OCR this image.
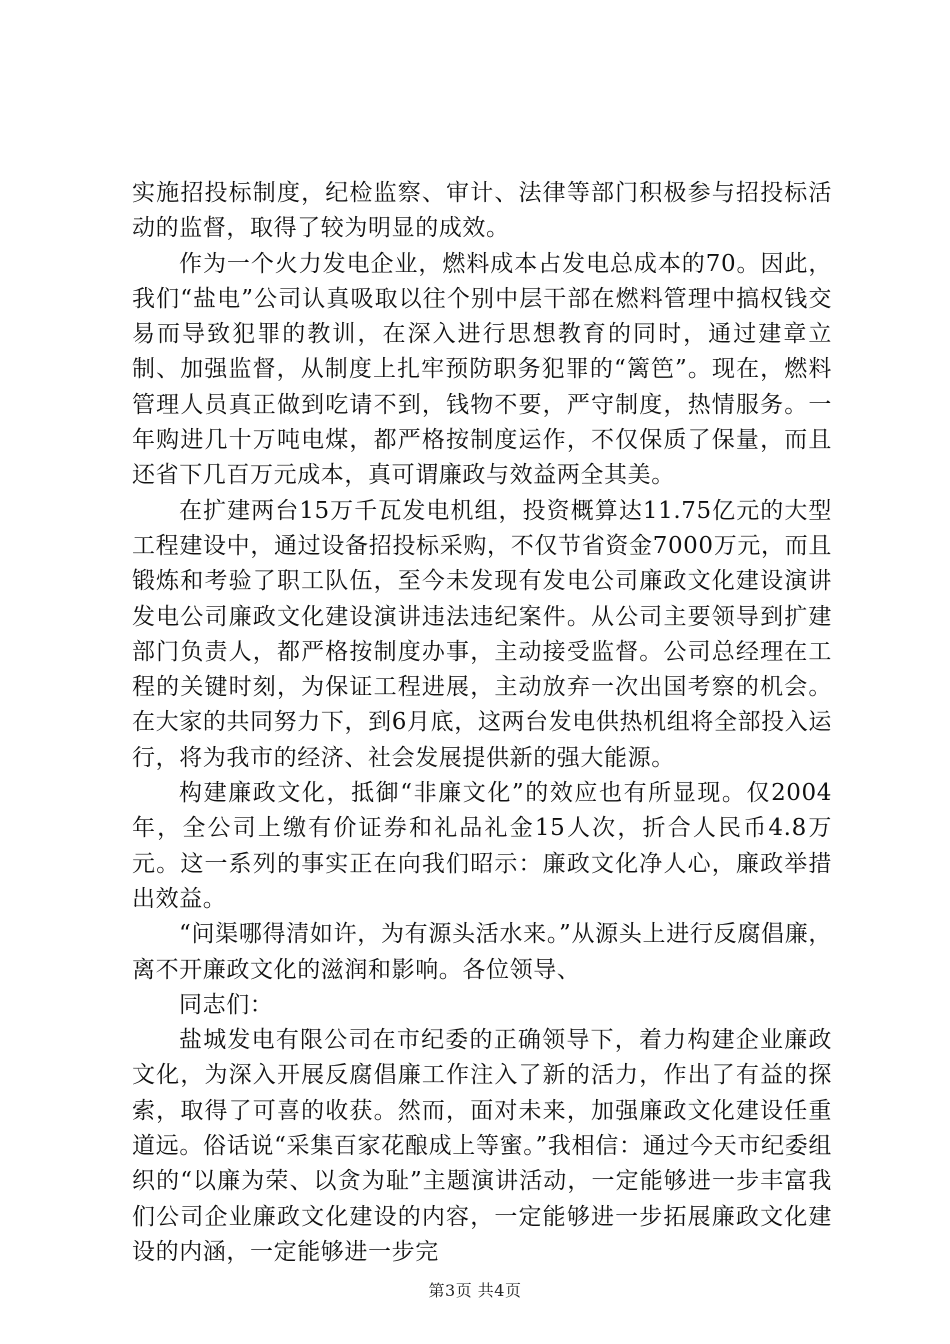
实施招投标制度，纪检监察、审计、法律等部门积极参与招投标活动的监督，取得了较为明显的成效。

作为一个火力发电企业，燃料成本占发电总成本的70。因此，我们“盐电”公司认真吸取以往个别中层干部在燃料管理中搞权钱交易而导致犯罪的教训，在深入进行思想教育的同时，通过建章立制、加强监督，从制度上扎牢预防职务犯罪的“篱笆”。现在，燃料管理人员真正做到吃请不到，钱物不要，严守制度，热情服务。一年购进几十万吨电煤，都严格按制度运作，不仅保质了保量，而且还省下几百万元成本，真可谓廉政与效益两全其美。

在扩建两台15万千瓦发电机组，投资概算达11.75亿元的大型工程建设中，通过设备招投标采购，不仅节省资金7000万元，而且锻炼和考验了职工队伍，至今未发现有发电公司廉政文化建设演讲发电公司廉政文化建设演讲违法违纪案件。从公司主要领导到扩建部门负责人，都严格按制度办事，主动接受监督。公司总经理在工程的关键时刻，为保证工程进展，主动放弃一次出国考察的机会。在大家的共同努力下，到6月底，这两台发电供热机组将全部投入运行，将为我市的经济、社会发展提供新的强大能源。

构建廉政文化，抵御“非廉文化”的效应也有所显现。仅2004年，全公司上缴有价证券和礼品礼金15人次，折合人民币4.8万元。这一系列的事实正在向我们昭示：廉政文化净人心，廉政举措出效益。

“问渠哪得清如许，为有源头活水来。”从源头上进行反腐倡廉，离不开廉政文化的滋润和影响。各位领导、

同志们：

盐城发电有限公司在市纪委的正确领导下，着力构建企业廉政文化，为深入开展反腐倡廉工作注入了新的活力，作出了有益的探索，取得了可喜的收获。然而，面对未来，加强廉政文化建设任重道远。俗话说“采集百家花酿成上等蜜。”我相信：通过今天市纪委组织的“以廉为荣、以贪为耻”主题演讲活动，一定能够进一步丰富我们公司企业廉政文化建设的内容，一定能够进一步拓展廉政文化建设的内涵，一定能够进一步完

第3页 共4页
